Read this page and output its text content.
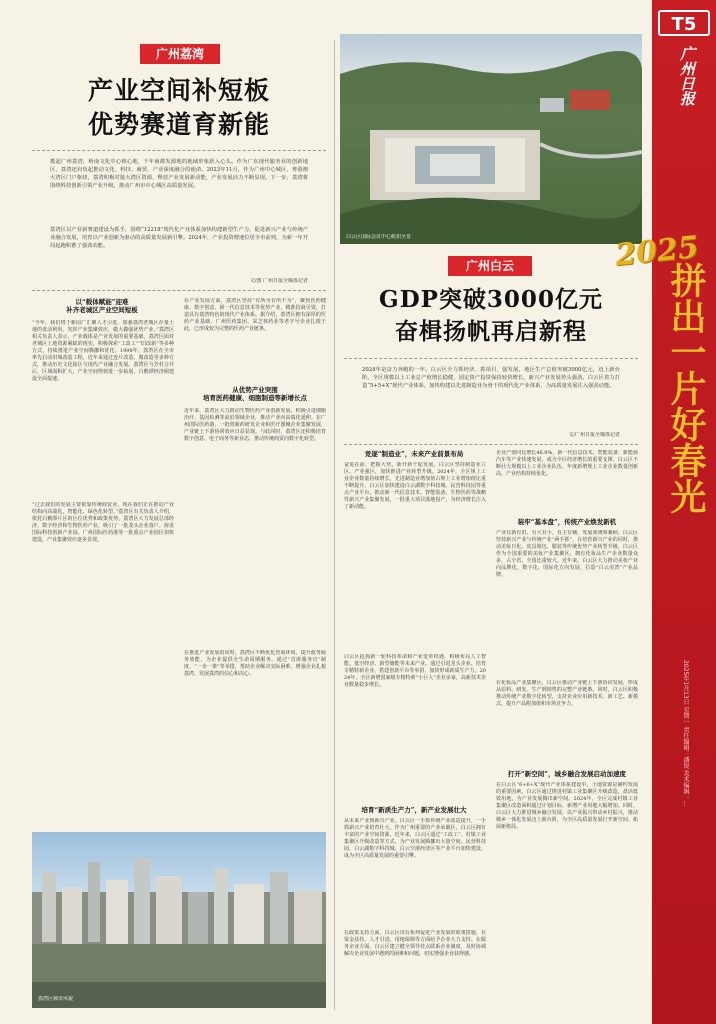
广州荔湾
产业空间补短板
优势赛道育新能
揽起广州荔湾，岭南文化中心核心地，千年商都发源地的地域形象跃入心头。作为广东现代服务业的创新地区，荔湾还肩负起推动文化、科技、商贸、产业深度融合的使命。2023年11月，作为广州中心城区，粤港澳大湾区门户枢纽，荔湾积极对接大湾区资源，释放产业发展新动能，产业发展活力不断显现。下一步，荔湾将围绕科技创新引领产业升级，推动广州市中心城区高质量发展。
荔湾区以产业新赛道建设为抓手，围绕“12218”现代化产业体系加快构建新型生产力，促进新兴产业与传统产业融合发展，培育以产业创新为驱动的高质量发展新引擎。2024年，产业投资增速位居全市前列，为新一年开局起跑积蓄了强劲动能。
文/图 广州日报全媒体记者
以“载体赋能”迎难
补齐老城区产业空间短板
“今年，我们将于新园广汇聚人才引进，加强荔湾老城区存量土地的盘活利用，发挥产业集聚效应，做大做强优势产业。”荔湾区相关负责人表示，产业载体是产业发展的重要基础，荔湾区面对老城区土地资源紧缺的现实，积极探索“工改工”“旧改新”等多种方式，持续推进产业空间腾挪和优化。1998年，荔湾区在全市率先启动旧城改造工程，近年来通过连片改造、微改造等多种方式，推动历史文化街区与现代产业融合发展。荔湾区与芳村合并后，区域面积扩大，产业空间得到进一步拓展，白鹅潭经济圈建设全面提速。
“过去我们的发展主要依靠传统商贸业，现在我们正在推动产业结构向高端化、智能化、绿色化转型。”荔湾区有关负责人介绍，依托白鹅潭片区的区位优势和政策优势，荔湾区大力发展总部经济、数字经济和生物医药产业，吸引了一批龙头企业落户。海龙国际科技创新产业园、广州国际医药港等一批重点产业园区加快建设，产业集聚效应逐步显现。
在产业发展方面，荔湾区坚持“有所为有所不为”，聚焦医药健康、数字创意、新一代信息技术等优势产业，精准招商引资，打造具有荔湾特色的现代产业体系。据介绍，荔湾区拥有深厚的医药产业基础，广州医药集团、采芝林药业等老字号企业扎根于此，已形成较为完整的医药产业链条。
从优势产业突围
培育医药健康、细胞制造等新增长点
近年来，荔湾区大力推动生物医药产业创新发展，积极引进细胞治疗、基因检测等前沿领域企业，推动产业向高端化延伸。在广州国际医药港，一批创新药研发企业和医疗器械企业集聚发展，产业链上下游协同效应日益显现。与此同时，荔湾区还积极培育数字创意、电子商务等新业态，推动传统商贸向数字化转型。
在推进产业发展的同时，荔湾区不断优化营商环境，提升政务服务效能，为企业提供全生命周期服务。通过“首席服务官”制度、“一企一策”等举措，帮助企业解决实际困难，增强企业扎根荔湾、发展荔湾的信心和决心。
荔湾区城市风貌
白云区国际会议中心航拍全景
广州白云
GDP突破3000亿元
奋楫扬帆再启新程
2024年是奋力奔跑的一年。白云区全力抓经济、抓项目、强发展，地区生产总值突破3000亿元，迈上新台阶。全区规模以上工业总产值增长稳健，固定资产投资保持较快增长，新兴产业发展势头强劲。白云区着力打造“5+5+X”现代产业体系，加快构建以先进制造业为骨干的现代化产业体系，为高质量发展注入强劲动能。
文/广州日报全媒体记者
竞逐“制造业”，未来产业前景布局
奋进在前，把握大势，新开新干促发展。白云区坚持制造业立区、产业强区，加快推进产业转型升级。2024年，全区规上工业企业数量持续增长，先进制造业增加值占规上工业增加值比重不断提升。白云区加快建设白云湖数字科技城、民营科技园等重点产业平台，推动新一代信息技术、智能装备、生物医药等战略性新兴产业集聚发展，一批重大项目落地投产，为经济增长注入了新动能。
白云区抢抓新一轮科技革命和产业变革机遇，积极布局人工智能、低空经济、新型储能等未来产业。通过引进龙头企业、培育专精特新企业、搭建创新平台等举措，加快形成新质生产力。2024年，全区新增国家级专精特新“小巨人”企业多家，高新技术企业数量稳步增长。
培育“新质生产力”，新产业发展壮大
从未来产业到新兴产业，白云区一手抓传统产业改造提升，一手抓新兴产业培育壮大。作为广州重要的产业承载区，白云区拥有丰富的产业空间资源。近年来，白云区通过“工改工”、村镇工业集聚区升级改造等方式，为产业发展腾挪出大量空间。民营科技园、白云湖数字科技城、白云空港经济区等产业平台加快建设，成为全区高质量发展的重要引擎。
在政策支持方面，白云区出台系列促进产业发展的政策措施，在资金扶持、人才引进、用地保障等方面给予企业大力支持。在服务企业方面，白云区建立健全领导挂点联系企业制度，及时协调解决企业发展中遇到的困难和问题，切实增强企业获得感。
企业产值同比增长46.9%，新一代信息技术、智能装备、新能源汽车等产业快速发展，成为全区经济增长的重要支撑。白云区不断壮大规模以上工业企业队伍，年度新增规上工业企业数量创新高，产业结构持续优化。
装牢“基本盘”，传统产业焕发新机
产业有新有旧，有大有小，有主有辅，发展要统筹兼顾。白云区坚持新兴产业与传统产业“两手抓”，在培育新兴产业的同时，推动美妆日化、皮具箱包、服装等传统优势产业转型升级。白云区作为全国重要的美妆产业集聚区，拥有化妆品生产企业数量众多，占全省、全国比重较大。近年来，白云区大力推动美妆产业向品牌化、数字化、国际化方向发展，打造“白云美湾”产业品牌。
在化妆品产业集聚区，白云区推动产业链上下游协同发展，形成从原料、研发、生产到销售的完整产业链条。同时，白云区积极推动传统产业数字化转型，支持企业应用新技术、新工艺、新模式，提升产品附加值和市场竞争力。
打开“新空间”，城乡融合发展启动加速度
在白云区“6+6+X”现代产业体系建设中，土地资源是制约发展的重要因素。白云区通过推进村镇工业集聚区升级改造，盘活低效用地，为产业发展腾出新空间。2024年，全区完成村镇工业集聚区改造面积超过计划目标，新增产业用地大幅增加。同时，白云区大力推进城乡融合发展，以产业振兴带动乡村振兴，推动城乡一体化发展迈上新台阶，为全区高质量发展打开新空间、拓展新格局。
T5
广州日报
拼出一片好春光
2025年1月13日 星期一 责任编辑：潘锐 美术编辑：…
2025
